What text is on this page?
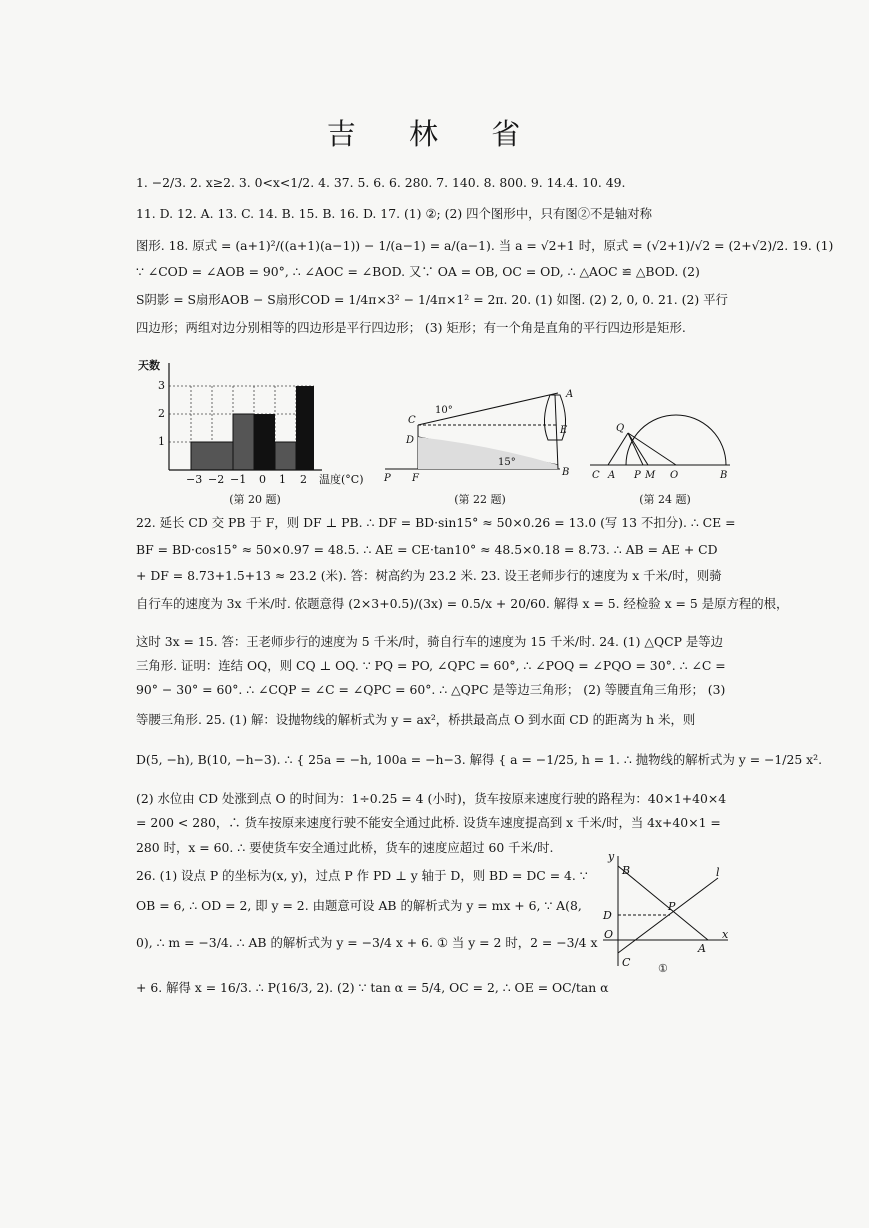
吉 林 省
1. −2/3. 2. x≥2. 3. 0<x<1/2. 4. 37. 5. 6. 6. 280. 7. 140. 8. 800. 9. 14.4. 10. 49.
11. D. 12. A. 13. C. 14. B. 15. B. 16. D. 17. (1) ②; (2) 四个图形中，只有图②不是轴对称
图形. 18. 原式 = (a+1)²/((a+1)(a−1)) − 1/(a−1) = a/(a−1). 当 a = √2+1 时，原式 = (√2+1)/√2 = (2+√2)/2. 19. (1)
∵ ∠COD = ∠AOB = 90°, ∴ ∠AOC = ∠BOD. 又∵ OA = OB, OC = OD, ∴ △AOC ≌ △BOD. (2)
S阴影 = S扇形AOB − S扇形COD = 1/4π×3² − 1/4π×1² = 2π. 20. (1) 如图. (2) 2, 0, 0. 21. (2) 平行
四边形；两组对边分别相等的四边形是平行四边形； (3) 矩形；有一个角是直角的平行四边形是矩形.
天数
3
2
1
−3 −2 −1 0 1 2 温度(°C)
(第 20 题)
A
C
D
E
B
P F
10°
15°
(第 22 题)
Q
C A P M O	B
(第 24 题)
22. 延长 CD 交 PB 于 F，则 DF ⊥ PB. ∴ DF = BD·sin15° ≈ 50×0.26 = 13.0 (写 13 不扣分). ∴ CE =
BF = BD·cos15° ≈ 50×0.97 = 48.5. ∴ AE = CE·tan10° ≈ 48.5×0.18 = 8.73. ∴ AB = AE + CD
+ DF = 8.73+1.5+13 ≈ 23.2 (米). 答：树高约为 23.2 米. 23. 设王老师步行的速度为 x 千米/时，则骑
自行车的速度为 3x 千米/时. 依题意得 (2×3+0.5)/(3x) = 0.5/x + 20/60. 解得 x = 5. 经检验 x = 5 是原方程的根，
这时 3x = 15. 答：王老师步行的速度为 5 千米/时，骑自行车的速度为 15 千米/时. 24. (1) △QCP 是等边
三角形. 证明：连结 OQ，则 CQ ⊥ OQ. ∵ PQ = PO, ∠QPC = 60°, ∴ ∠POQ = ∠PQO = 30°. ∴ ∠C =
90° − 30° = 60°. ∴ ∠CQP = ∠C = ∠QPC = 60°. ∴ △QPC 是等边三角形； (2) 等腰直角三角形； (3)
等腰三角形. 25. (1) 解：设抛物线的解析式为 y = ax²，桥拱最高点 O 到水面 CD 的距离为 h 米，则
D(5, −h), B(10, −h−3). ∴ { 25a = −h, 100a = −h−3. 解得 { a = −1/25, h = 1. ∴ 抛物线的解析式为 y = −1/25 x².
(2) 水位由 CD 处涨到点 O 的时间为：1÷0.25 = 4 (小时)，货车按原来速度行驶的路程为：40×1+40×4
= 200 < 280，∴ 货车按原来速度行驶不能安全通过此桥. 设货车速度提高到 x 千米/时，当 4x+40×1 =
280 时，x = 60. ∴ 要使货车安全通过此桥，货车的速度应超过 60 千米/时.
26. (1) 设点 P 的坐标为(x, y)，过点 P 作 PD ⊥ y 轴于 D，则 BD = DC = 4. ∵
OB = 6, ∴ OD = 2, 即 y = 2. 由题意可设 AB 的解析式为 y = mx + 6, ∵ A(8,
0), ∴ m = −3/4. ∴ AB 的解析式为 y = −3/4 x + 6. ① 当 y = 2 时，2 = −3/4 x
+ 6. 解得 x = 16/3. ∴ P(16/3, 2). (2) ∵ tan α = 5/4, OC = 2, ∴ OE = OC/tan α
y
B	l
P
D
O
A
x
C	①
